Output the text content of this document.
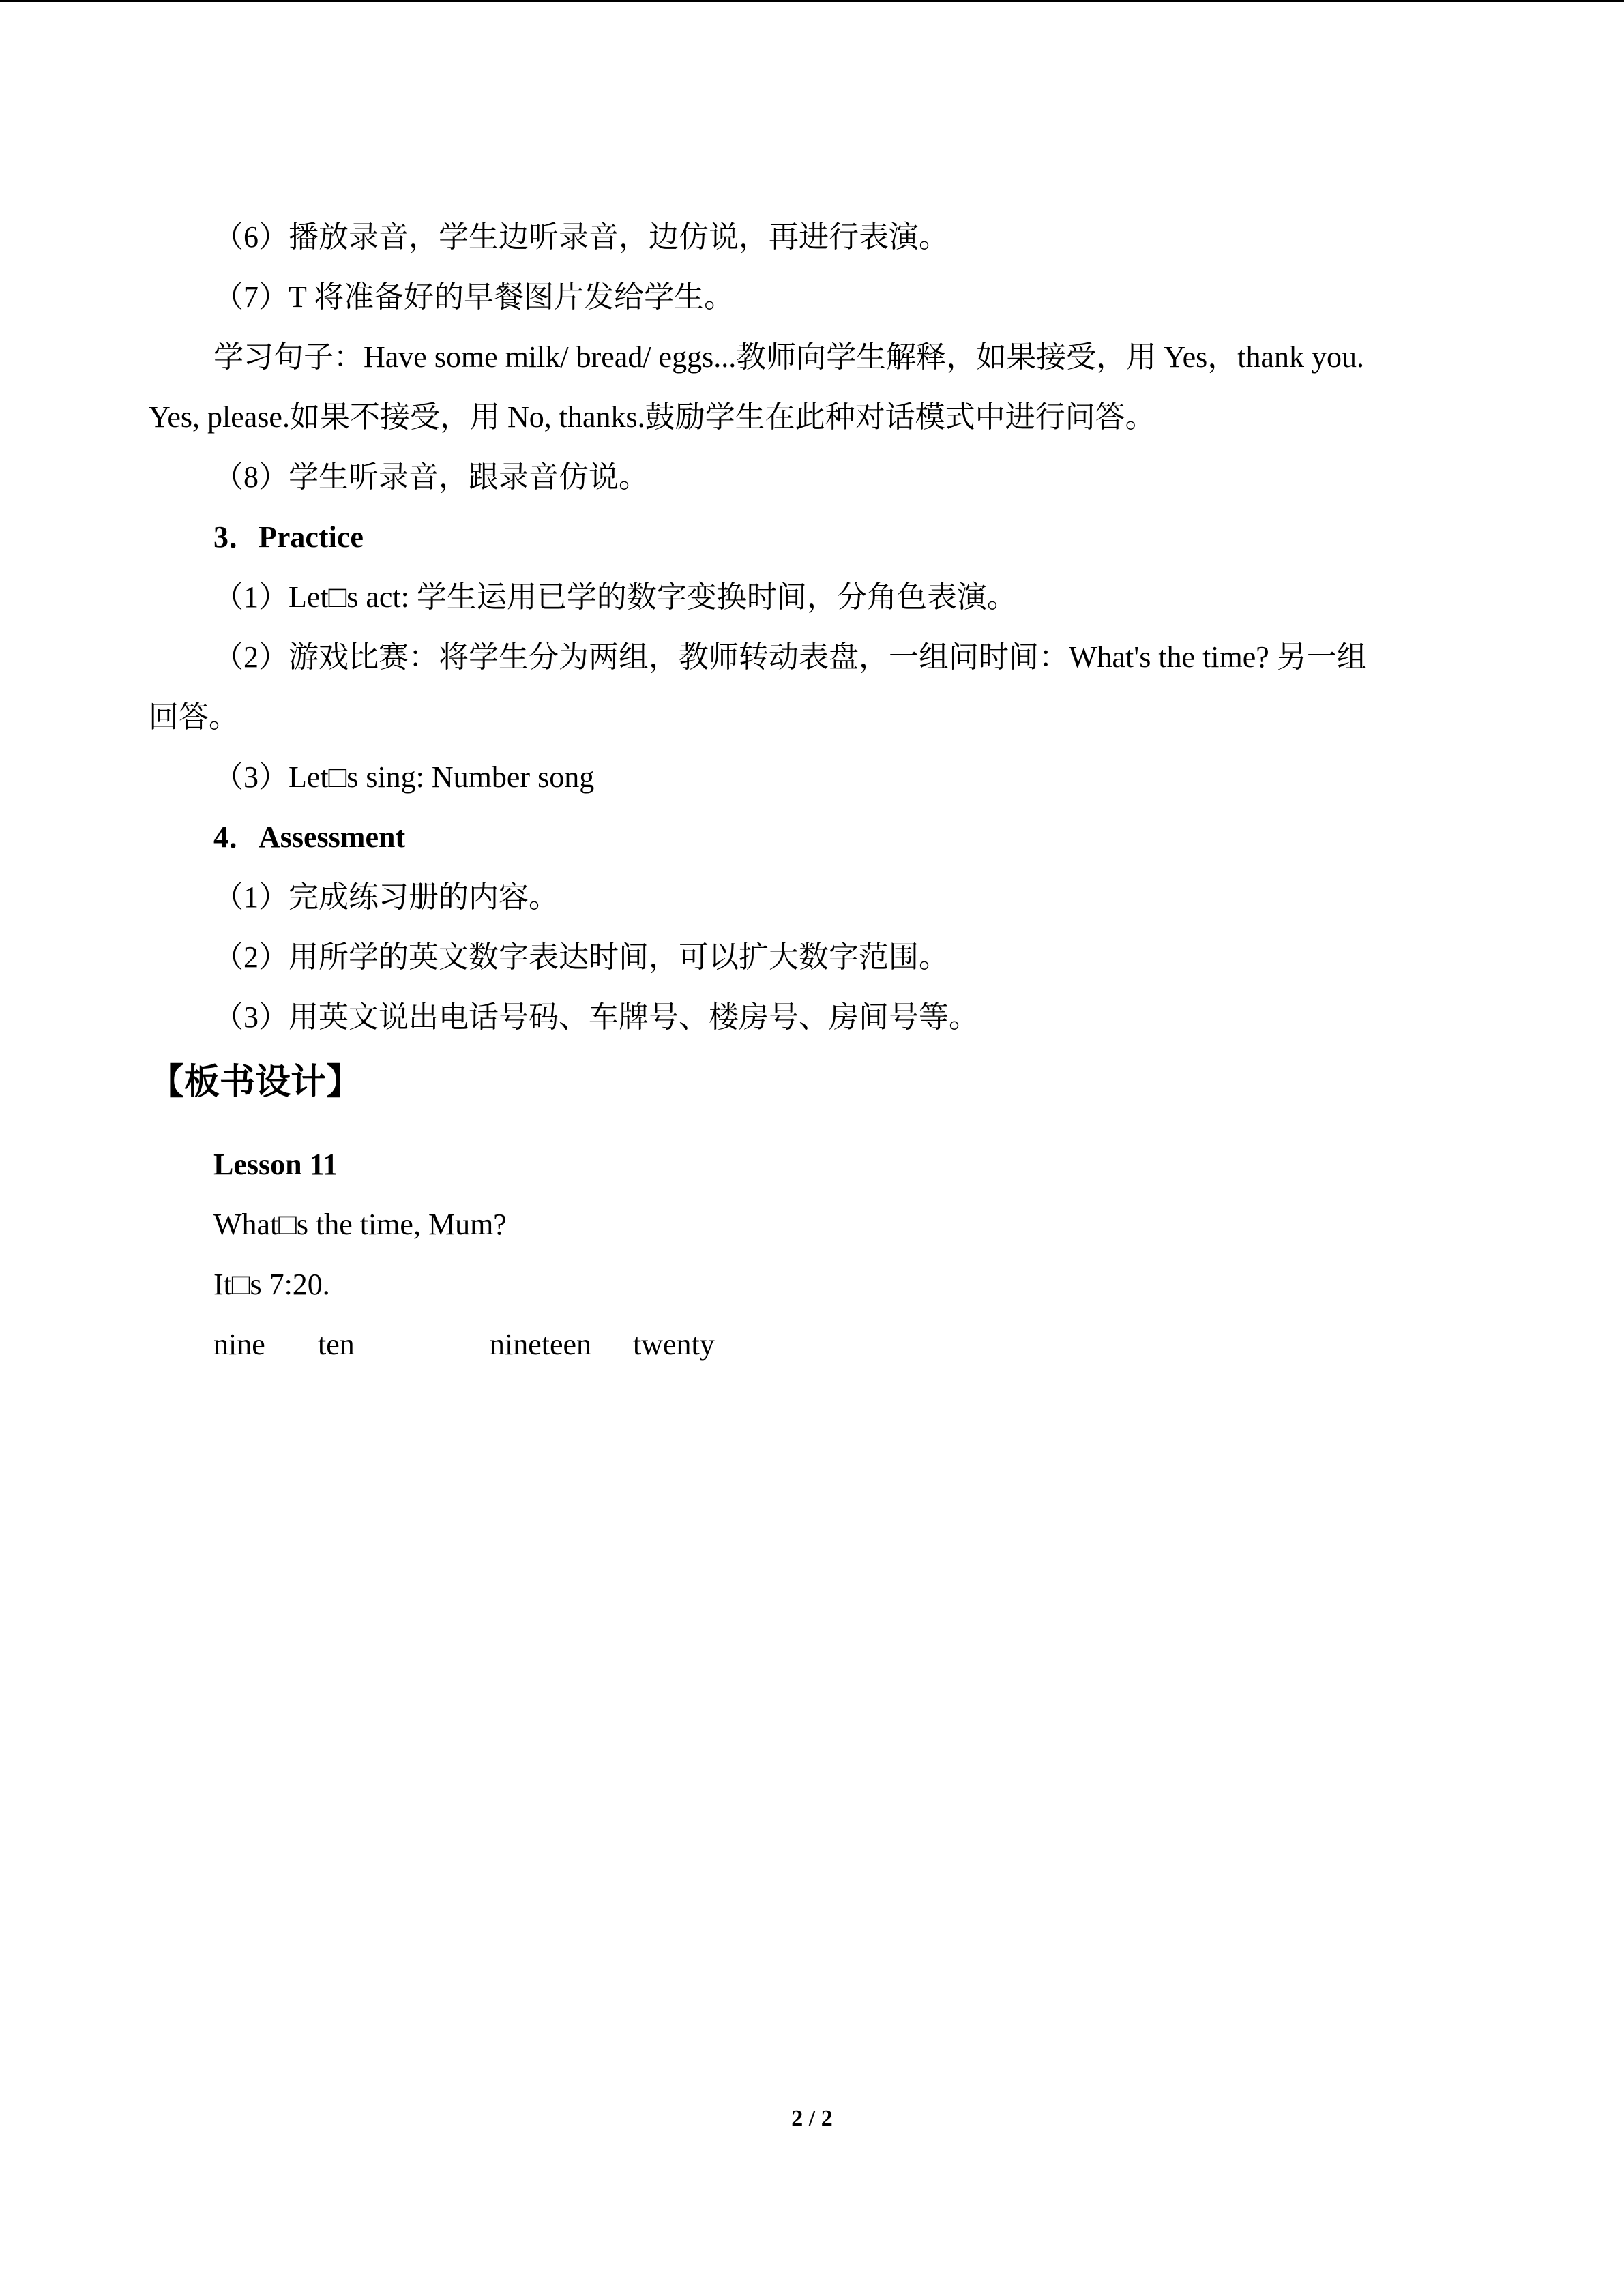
（6）播放录音，学生边听录音，边仿说，再进行表演。
（7）T 将准备好的早餐图片发给学生。
学习句子：Have some milk/ bread/ eggs...教师向学生解释，如果接受，用 Yes，thank you.
Yes, please.如果不接受，用 No, thanks.鼓励学生在此种对话模式中进行问答。
（8）学生听录音，跟录音仿说。
3．Practice
（1）Let□s act: 学生运用已学的数字变换时间，分角色表演。
（2）游戏比赛：将学生分为两组，教师转动表盘，一组问时间：What's the time? 另一组
回答。
（3）Let□s sing: Number song
4．Assessment
（1）完成练习册的内容。
（2）用所学的英文数字表达时间，可以扩大数字范围。
（3）用英文说出电话号码、车牌号、楼房号、房间号等。
【板书设计】
Lesson 11
What□s the time, Mum?
It□s 7:20.
nine ten	nineteen twenty
2 / 2
